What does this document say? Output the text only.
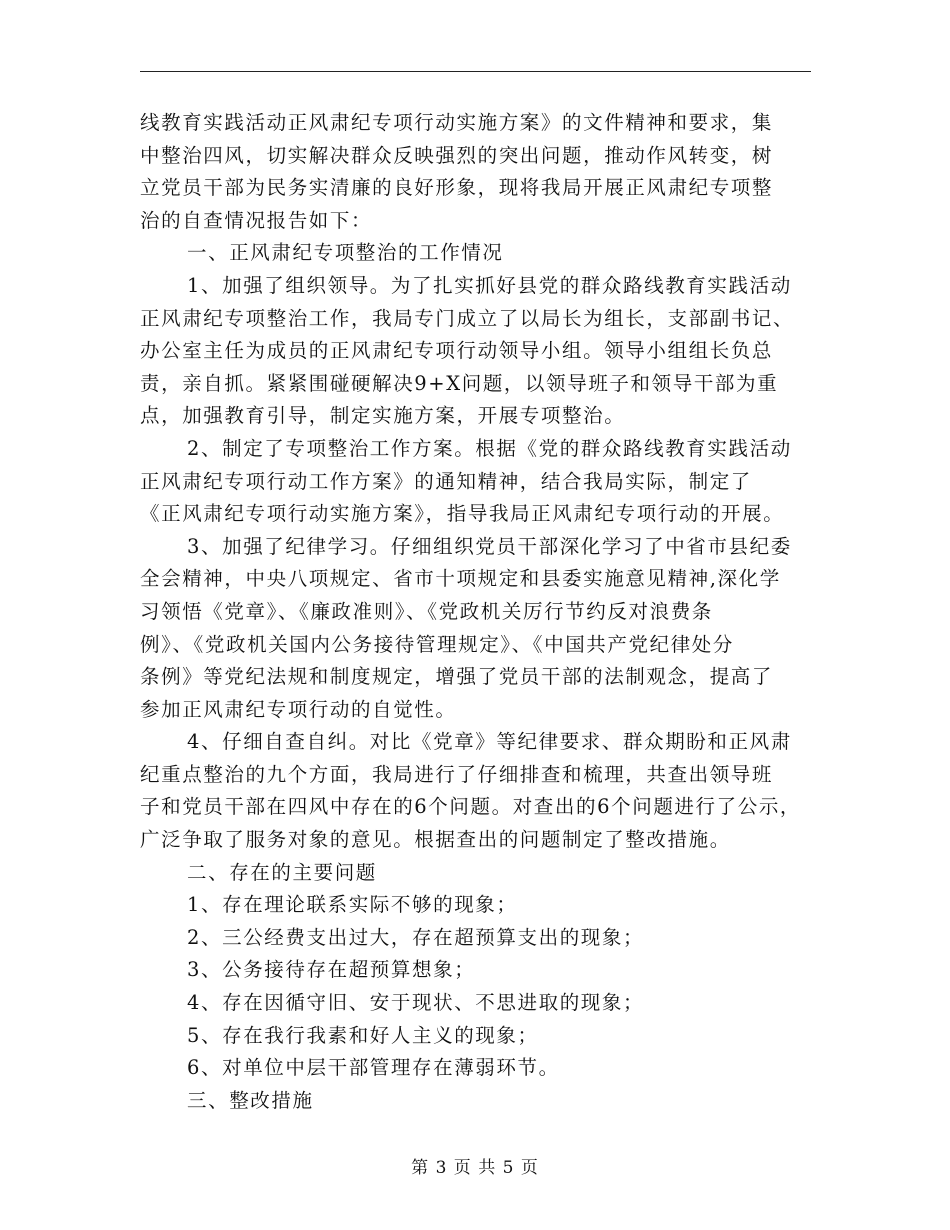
线教育实践活动正风肃纪专项行动实施方案》的文件精神和要求，集
中整治四风，切实解决群众反映强烈的突出问题，推动作风转变，树
立党员干部为民务实清廉的良好形象，现将我局开展正风肃纪专项整
治的自查情况报告如下：
一、正风肃纪专项整治的工作情况
1、加强了组织领导。为了扎实抓好县党的群众路线教育实践活动
正风肃纪专项整治工作，我局专门成立了以局长为组长，支部副书记、
办公室主任为成员的正风肃纪专项行动领导小组。领导小组组长负总
责，亲自抓。紧紧围碰硬解决9+X问题，以领导班子和领导干部为重
点，加强教育引导，制定实施方案，开展专项整治。
2、制定了专项整治工作方案。根据《党的群众路线教育实践活动
正风肃纪专项行动工作方案》的通知精神，结合我局实际，制定了
《正风肃纪专项行动实施方案》，指导我局正风肃纪专项行动的开展。
3、加强了纪律学习。仔细组织党员干部深化学习了中省市县纪委
全会精神，中央八项规定、省市十项规定和县委实施意见精神,深化学
习领悟《党章》、《廉政准则》、《党政机关厉行节约反对浪费条
例》、《党政机关国内公务接待管理规定》、《中国共产党纪律处分
条例》等党纪法规和制度规定，增强了党员干部的法制观念，提高了
参加正风肃纪专项行动的自觉性。
4、仔细自查自纠。对比《党章》等纪律要求、群众期盼和正风肃
纪重点整治的九个方面，我局进行了仔细排查和梳理，共查出领导班
子和党员干部在四风中存在的6个问题。对查出的6个问题进行了公示，
广泛争取了服务对象的意见。根据查出的问题制定了整改措施。
二、存在的主要问题
1、存在理论联系实际不够的现象；
2、三公经费支出过大，存在超预算支出的现象；
3、公务接待存在超预算想象；
4、存在因循守旧、安于现状、不思进取的现象；
5、存在我行我素和好人主义的现象；
6、对单位中层干部管理存在薄弱环节。
三、整改措施
第 3 页 共 5 页
